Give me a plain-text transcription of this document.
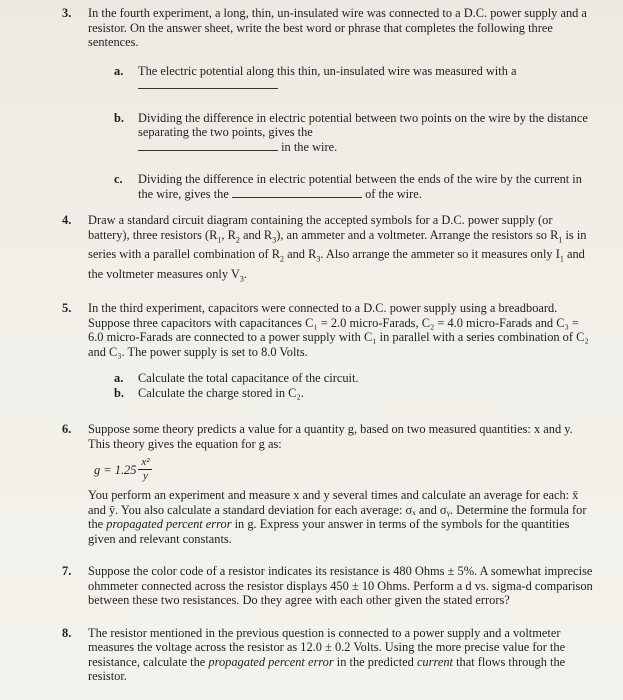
3.	In the fourth experiment, a long, thin, un-insulated wire was connected to a D.C. power supply and a resistor. On the answer sheet, write the best word or phrase that completes the following three sentences.

a.	The electric potential along this thin, un-insulated wire was measured with a

b.	Dividing the difference in electric potential between two points on the wire by the distance separating the two points, gives the
in the wire.
c.	Dividing the difference in electric potential between the ends of the wire by the current in the wire, gives the	of the wire.
4.	Draw a standard circuit diagram containing the accepted symbols for a D.C. power supply (or battery), three resistors ($R_1$, $R_2$ and $R_3$), an ammeter and a voltmeter. Arrange the resistors so $R_1$ is in series with a parallel combination of $R_2$ and $R_3$. Also arrange the ammeter so it measures only $I_1$ and the voltmeter measures only $V_3$.

5.	In the third experiment, capacitors were connected to a D.C. power supply using a breadboard. Suppose three capacitors with capacitances C₁ = 2.0 micro-Farads, C₂ = 4.0 micro-Farads and C₃ = 6.0 micro-Farads are connected to a power supply with C₁ in parallel with a series combination of C₂ and C₃. The power supply is set to 8.0 Volts.

a.	Calculate the total capacitance of the circuit.
b.	Calculate the charge stored in C₂.
6.	Suppose some theory predicts a value for a quantity g, based on two measured quantities: x and y. This theory gives the equation for g as:

$g = 1.25 \frac{\text{x²}}{y}$

You perform an experiment and measure x and y several times and calculate an average for each: x̄ and ȳ. You also calculate a standard deviation for each average: σₓ and σᵧ. Determine the formula for the propagated percent error in g. Express your answer in terms of the symbols for the quantities given and relevant constants.

7.	Suppose the color code of a resistor indicates its resistance is 480 Ohms ± 5%. A somewhat imprecise ohmmeter connected across the resistor displays 450 ± 10 Ohms. Perform a d vs. sigma-d comparison between these two resistances. Do they agree with each other given the stated errors?

8.	The resistor mentioned in the previous question is connected to a power supply and a voltmeter measures the voltage across the resistor as 12.0 ± 0.2 Volts. Using the more precise value for the resistance, calculate the propagated percent error in the predicted current that flows through the resistor.
